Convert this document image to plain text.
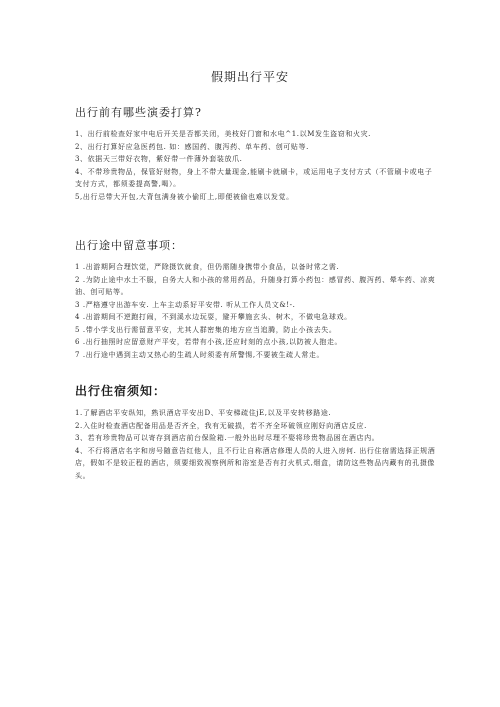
假期出行平安
出行前有哪些演委打算?

1、出行前检查好家中电后开关是否都关闭，美枝好门窗和水电^1.以M发生盗窃和火灾.

2、出行打算好应急医药包. 如：感国药、腹泻药、单车药、创可贴等.

3、依据天三带好衣物，紫好带一件薄外套装放爪.

4、不带珍贵物品，保管好财物，身上不带大量现金,能刷卡就刷卡，或运用电子支付方式（不管刷卡或电子支付方式，都须委提高警,喝）。

5,出行忌带大开包,大背包满身被小偷盯上,即便被偷也难以发觉。

出行途中留意事项：

1 .出游期阿合理饮觉，严除摄饮就食，但仍需随身携带小食品，以备时常之需.

2 .为防止途中水土不服，自务大人和小孩的常用药品，升随身打算小药包：感冒药、腹泻药、晕车药、凉爽油、创可贴等。

3 .严格遵守出游车安. 上车主动系好平安带. 听从工作人员文&!-.

4 .出游期间不逆跑打闹，不到溪水边玩耍，避开攀施玄头、树木，不做电急球戏。

5 .带小学戈出行需留意平安，尤其人群密集的地方应当追腾，防止小孩去失。

6 .出行抽照时应留意财产平安，若带有小孩,还应时刻的点小孩,以防被人抱走。

7 .出行途中遇到主动又热心的生疏人时须委有所警惕,不要被生疏人常走。

出行住宿须知：

1.了解酒店平安纵知，熟识酒店平安出D、平安梯疏住jE,以及平安转移路途.

2.入住时检查酒店配备用品是否齐全，我有无破损，若不齐全环破领应刚好向酒店反应.

3、若有珍贵物品可以寄存到酒店前台保险箱.一般外出时尽理不娶将珍贵物品困在酒店内。

4、不行将酒店名字和房号随意告红他人，且不行让自称酒店修理人员的人进入房何. 出行住宿需选择正规酒店，假如不是较正程的酒店，须要细致视察例所和浴室是否有打火机式,烟盒，请防这些物品内藏有的孔摄像头。
